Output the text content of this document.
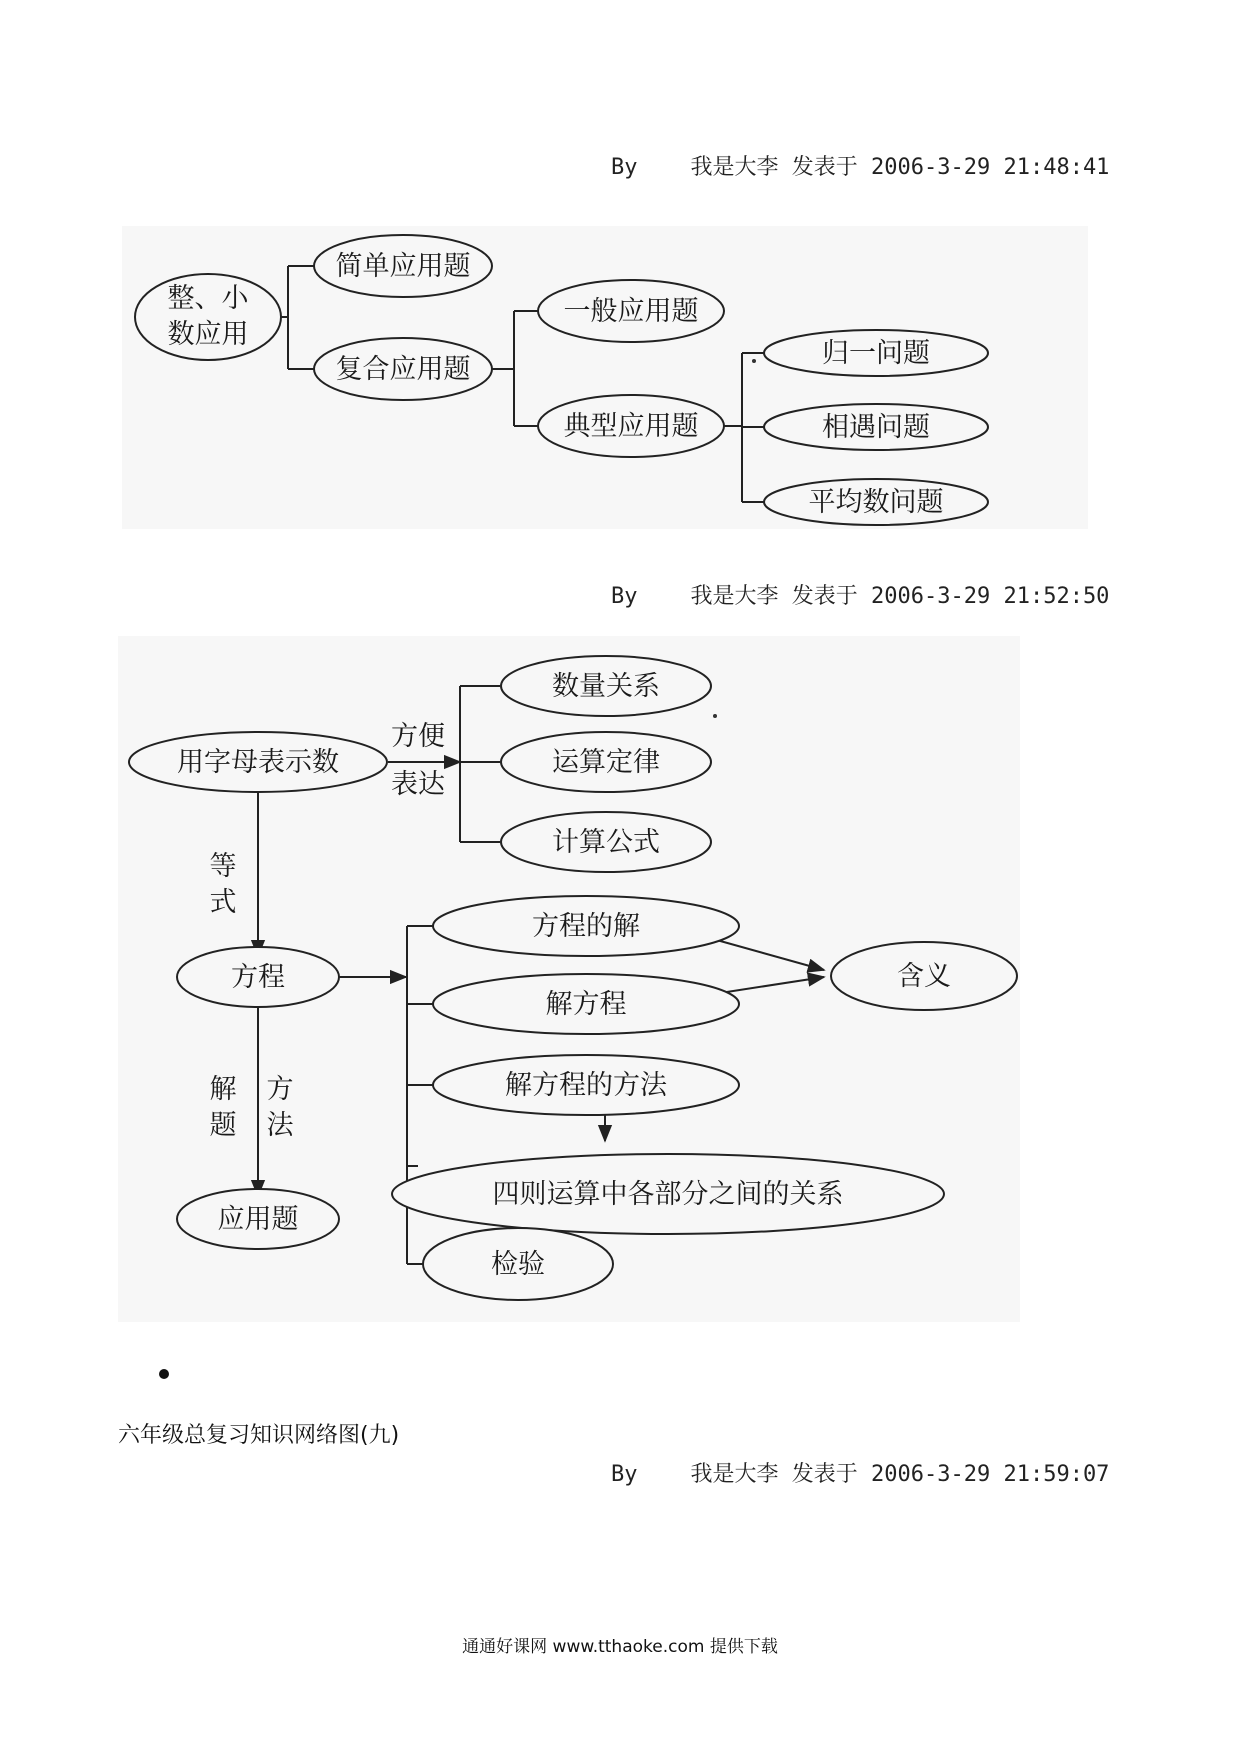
By 我是大李 发表于 2006-3-29 21:48:41
整、小
数应用
简单应用题
复合应用题
一般应用题
典型应用题
归一问题
相遇问题
平均数问题
By 我是大李 发表于 2006-3-29 21:52:50
用字母表示数
方便
表达
数量关系
运算定律
计算公式
等
式
方程
解
题
方
法
应用题
方程的解
解方程
含义
解方程的方法
四则运算中各部分之间的关系
检验
六年级总复习知识网络图(九)
By 我是大李 发表于 2006-3-29 21:59:07
通通好课网 www.tthaoke.com 提供下载
